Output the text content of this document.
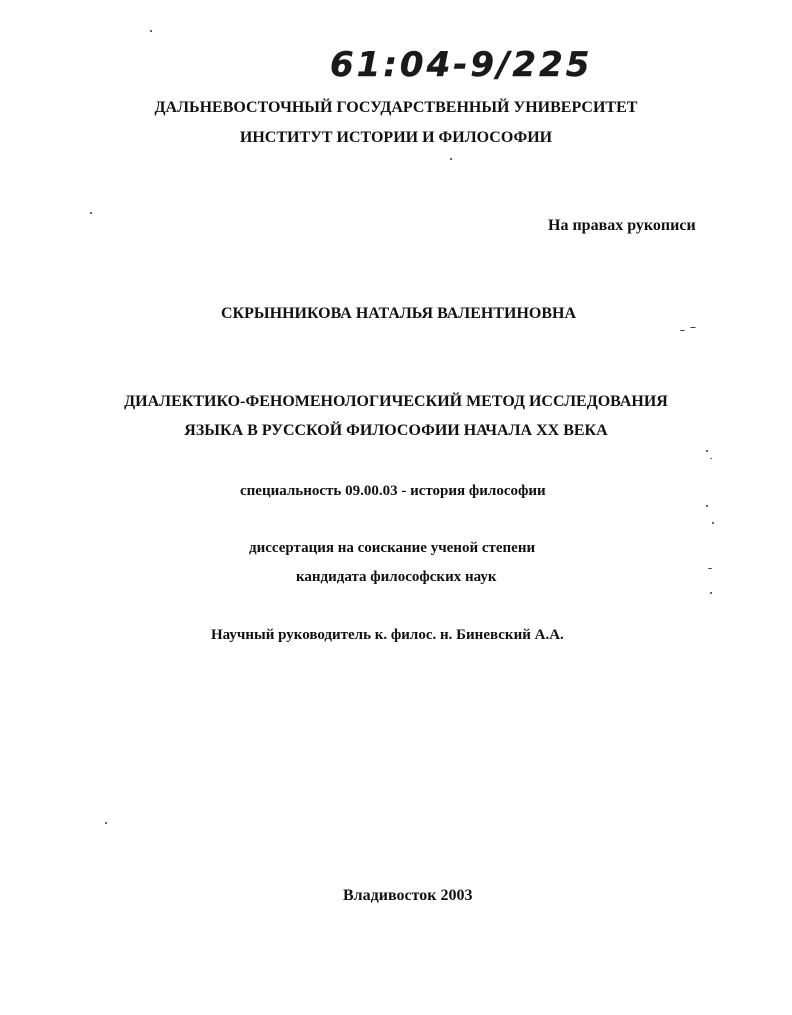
61:04-9/225
ДАЛЬНЕВОСТОЧНЫЙ ГОСУДАРСТВЕННЫЙ УНИВЕРСИТЕТ
ИНСТИТУТ ИСТОРИИ И ФИЛОСОФИИ
На правах рукописи
СКРЫННИКОВА НАТАЛЬЯ ВАЛЕНТИНОВНА
ДИАЛЕКТИКО-ФЕНОМЕНОЛОГИЧЕСКИЙ МЕТОД ИССЛЕДОВАНИЯ
ЯЗЫКА В РУССКОЙ ФИЛОСОФИИ НАЧАЛА XX ВЕКА
специальность 09.00.03 - история философии
диссертация на соискание ученой степени
кандидата философских наук
Научный руководитель к. филос. н. Биневский А.А.
Владивосток 2003
